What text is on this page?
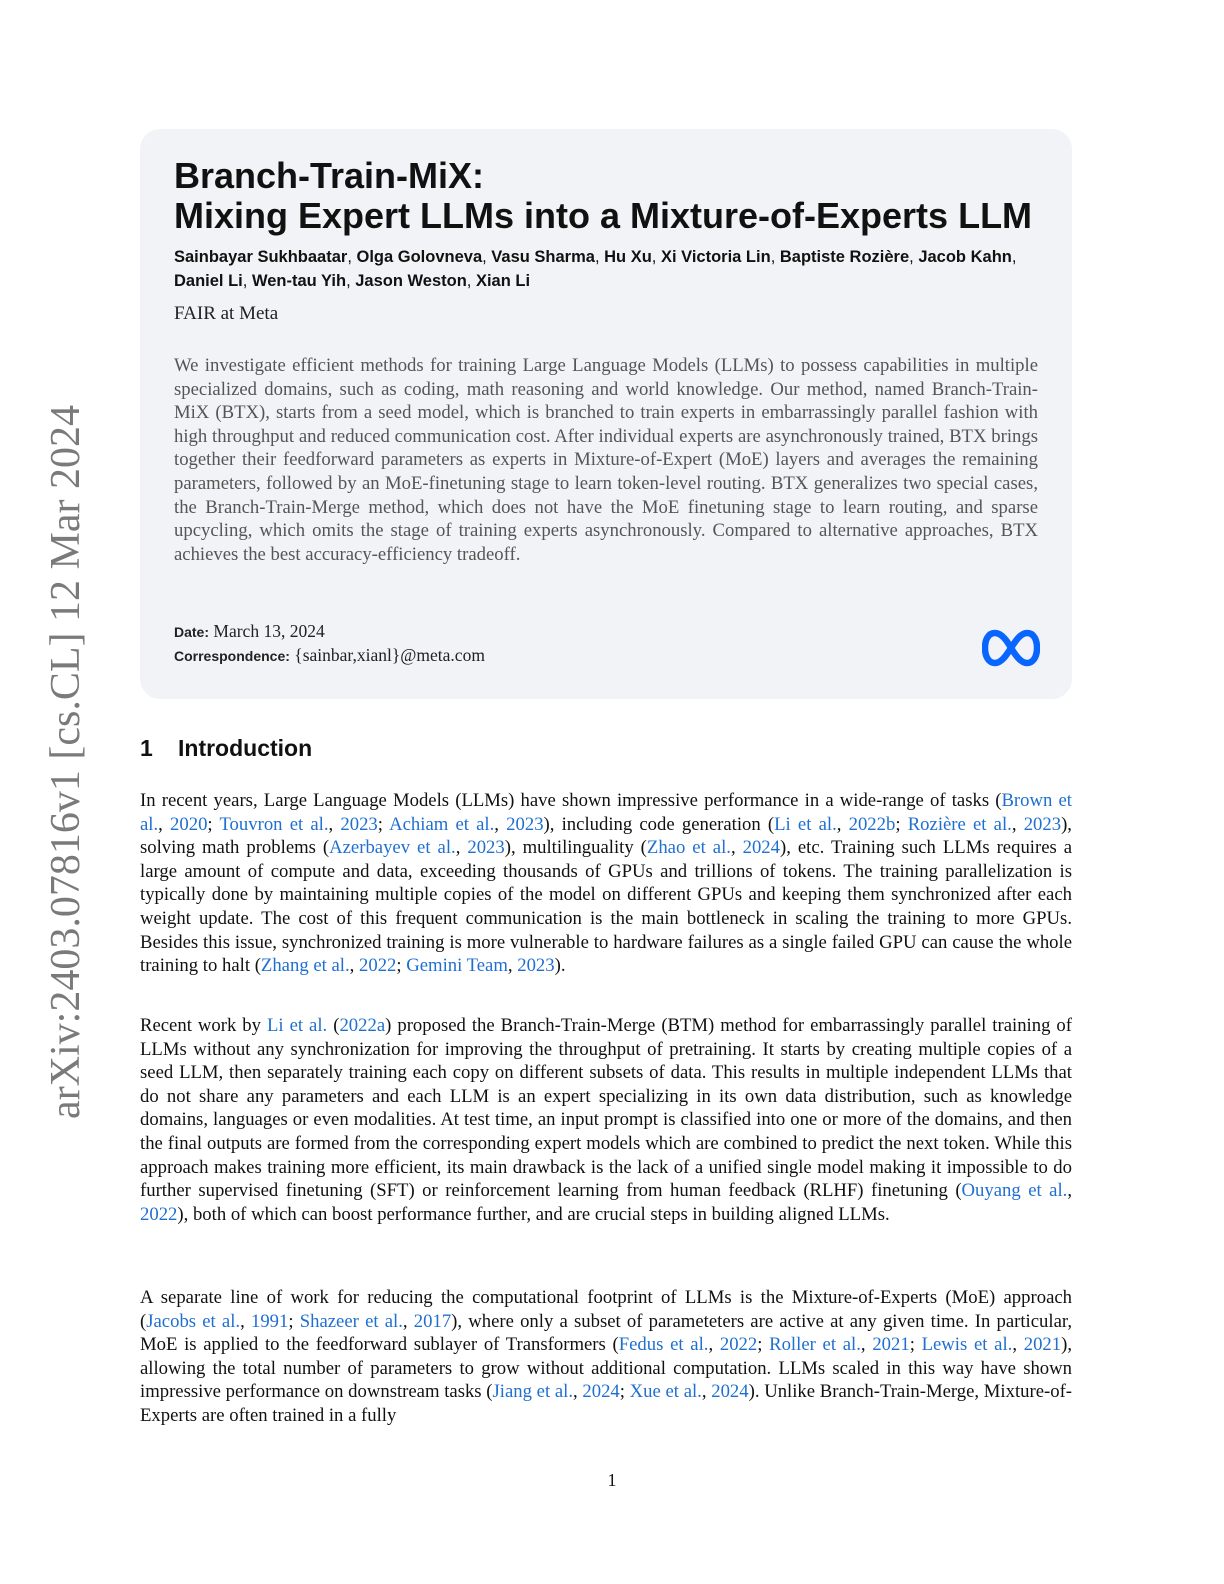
arXiv:2403.07816v1 [cs.CL] 12 Mar 2024
Branch-Train-MiX:
Mixing Expert LLMs into a Mixture-of-Experts LLM
Sainbayar Sukhbaatar, Olga Golovneva, Vasu Sharma, Hu Xu, Xi Victoria Lin, Baptiste Rozière, Jacob Kahn, Daniel Li, Wen-tau Yih, Jason Weston, Xian Li
FAIR at Meta

We investigate efficient methods for training Large Language Models (LLMs) to possess capabilities in multiple specialized domains, such as coding, math reasoning and world knowledge. Our method, named Branch-Train-MiX (BTX), starts from a seed model, which is branched to train experts in embarrassingly parallel fashion with high throughput and reduced communication cost. After individual experts are asynchronously trained, BTX brings together their feedforward parameters as experts in Mixture-of-Expert (MoE) layers and averages the remaining parameters, followed by an MoE-finetuning stage to learn token-level routing. BTX generalizes two special cases, the Branch-Train-Merge method, which does not have the MoE finetuning stage to learn routing, and sparse upcycling, which omits the stage of training experts asynchronously. Compared to alternative approaches, BTX achieves the best accuracy-efficiency tradeoff.

Date: March 13, 2024
Correspondence: {sainbar,xianl}@meta.com
1 Introduction

In recent years, Large Language Models (LLMs) have shown impressive performance in a wide-range of tasks (Brown et al., 2020; Touvron et al., 2023; Achiam et al., 2023), including code generation (Li et al., 2022b; Rozière et al., 2023), solving math problems (Azerbayev et al., 2023), multilinguality (Zhao et al., 2024), etc. Training such LLMs requires a large amount of compute and data, exceeding thousands of GPUs and trillions of tokens. The training parallelization is typically done by maintaining multiple copies of the model on different GPUs and keeping them synchronized after each weight update. The cost of this frequent communication is the main bottleneck in scaling the training to more GPUs. Besides this issue, synchronized training is more vulnerable to hardware failures as a single failed GPU can cause the whole training to halt (Zhang et al., 2022; Gemini Team, 2023).

Recent work by Li et al. (2022a) proposed the Branch-Train-Merge (BTM) method for embarrassingly parallel training of LLMs without any synchronization for improving the throughput of pretraining. It starts by creating multiple copies of a seed LLM, then separately training each copy on different subsets of data. This results in multiple independent LLMs that do not share any parameters and each LLM is an expert specializing in its own data distribution, such as knowledge domains, languages or even modalities. At test time, an input prompt is classified into one or more of the domains, and then the final outputs are formed from the corresponding expert models which are combined to predict the next token. While this approach makes training more efficient, its main drawback is the lack of a unified single model making it impossible to do further supervised finetuning (SFT) or reinforcement learning from human feedback (RLHF) finetuning (Ouyang et al., 2022), both of which can boost performance further, and are crucial steps in building aligned LLMs.

A separate line of work for reducing the computational footprint of LLMs is the Mixture-of-Experts (MoE) approach (Jacobs et al., 1991; Shazeer et al., 2017), where only a subset of parameteters are active at any given time. In particular, MoE is applied to the feedforward sublayer of Transformers (Fedus et al., 2022; Roller et al., 2021; Lewis et al., 2021), allowing the total number of parameters to grow without additional computation. LLMs scaled in this way have shown impressive performance on downstream tasks (Jiang et al., 2024; Xue et al., 2024). Unlike Branch-Train-Merge, Mixture-of-Experts are often trained in a fully

1
